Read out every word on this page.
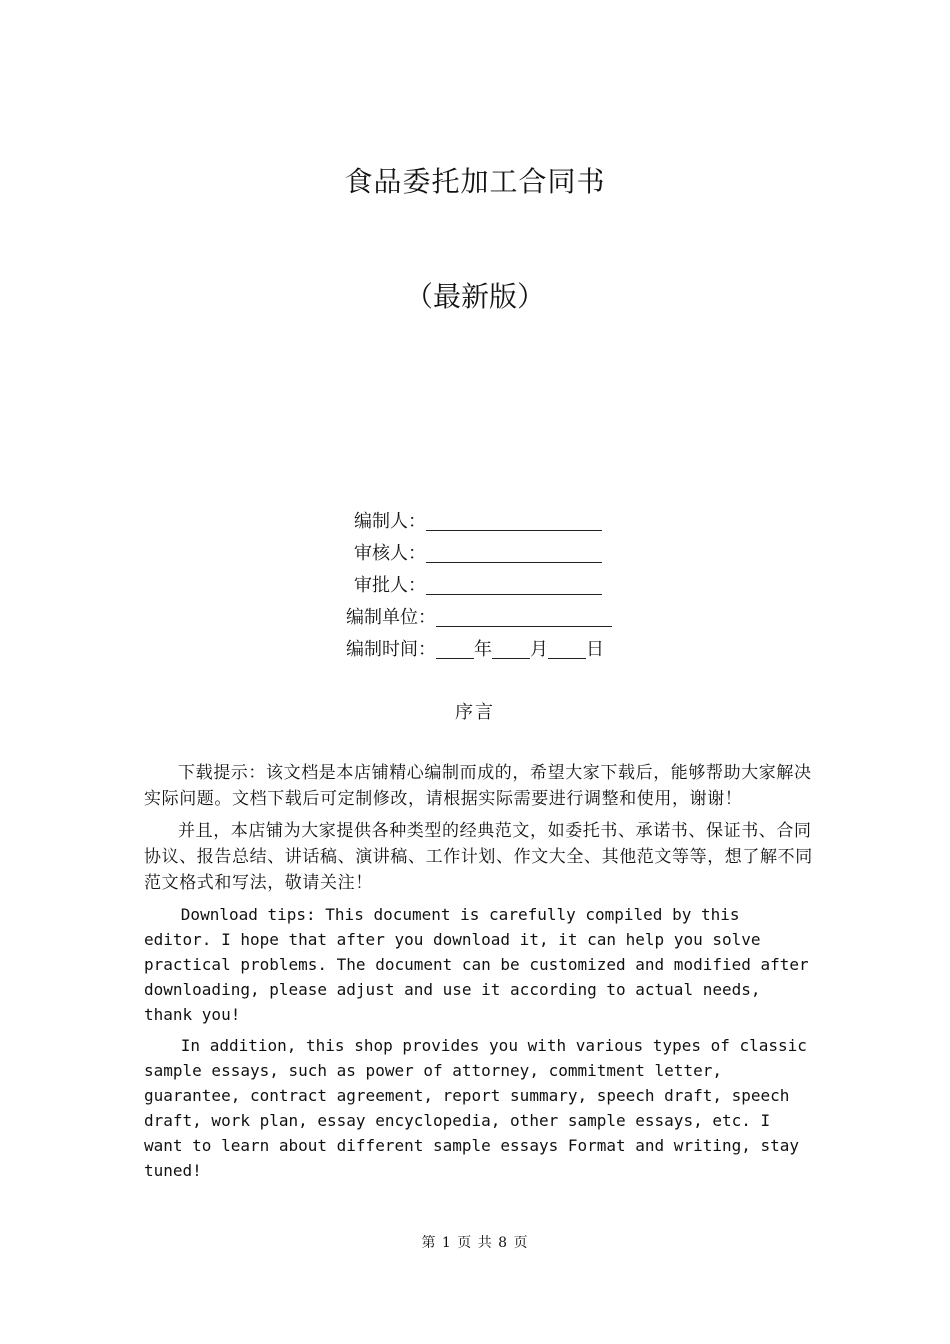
食品委托加工合同书
（最新版）
编制人：
审核人：
审批人：
编制单位：
编制时间： 年 月 日
序言

下载提示：该文档是本店铺精心编制而成的，希望大家下载后，能够帮助大家解决实际问题。文档下载后可定制修改，请根据实际需要进行调整和使用，谢谢！

并且，本店铺为大家提供各种类型的经典范文，如委托书、承诺书、保证书、合同协议、报告总结、讲话稿、演讲稿、工作计划、作文大全、其他范文等等，想了解不同范文格式和写法，敬请关注！

Download tips: This document is carefully compiled by this editor. I hope that after you download it, it can help you solve practical problems. The document can be customized and modified after downloading, please adjust and use it according to actual needs, thank you!

In addition, this shop provides you with various types of classic sample essays, such as power of attorney, commitment letter, guarantee, contract agreement, report summary, speech draft, speech draft, work plan, essay encyclopedia, other sample essays, etc. I want to learn about different sample essays Format and writing, stay tuned!

第 1 页 共 8 页
